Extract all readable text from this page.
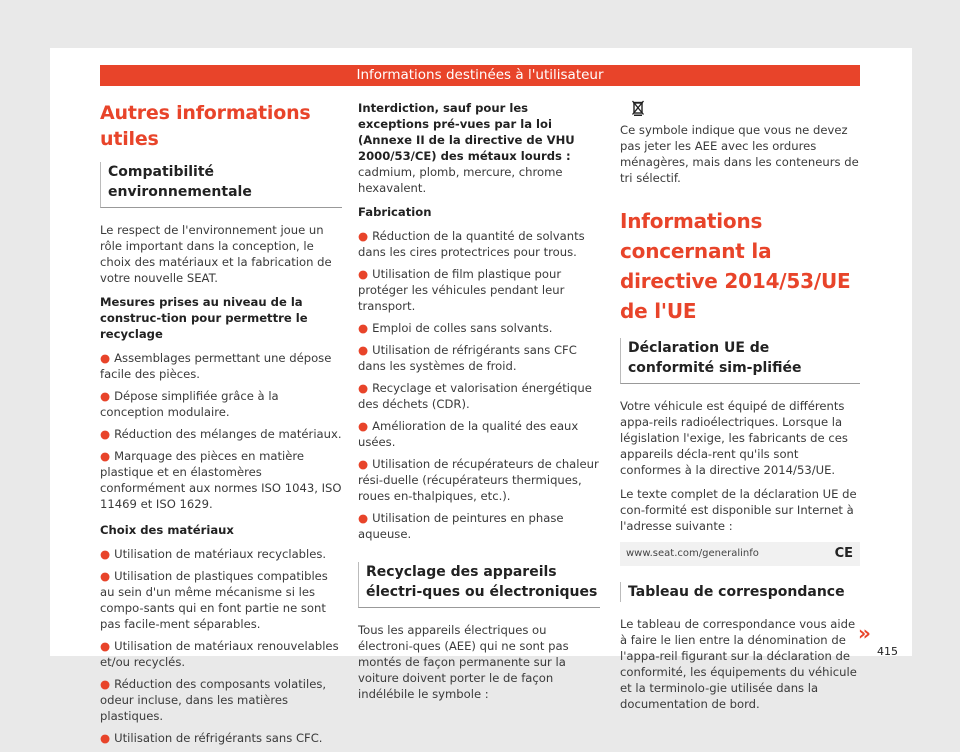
Informations destinées à l'utilisateur
Autres informations utiles
Compatibilité environnementale

Le respect de l'environnement joue un rôle important dans la conception, le choix des matériaux et la fabrication de votre nouvelle SEAT.

Mesures prises au niveau de la construc-tion pour permettre le recyclage

● Assemblages permettant une dépose facile des pièces.
● Dépose simplifiée grâce à la conception modulaire.
● Réduction des mélanges de matériaux.
● Marquage des pièces en matière plastique et en élastomères conformément aux normes ISO 1043, ISO 11469 et ISO 1629.

Choix des matériaux

● Utilisation de matériaux recyclables.
● Utilisation de plastiques compatibles au sein d'un même mécanisme si les compo-sants qui en font partie ne sont pas facile-ment séparables.
● Utilisation de matériaux renouvelables et/ou recyclés.
● Réduction des composants volatiles, odeur incluse, dans les matières plastiques.
● Utilisation de réfrigérants sans CFC.

Interdiction, sauf pour les exceptions pré-vues par la loi (Annexe II de la directive de VHU 2000/53/CE) des métaux lourds : cadmium, plomb, mercure, chrome hexavalent.

Fabrication

● Réduction de la quantité de solvants dans les cires protectrices pour trous.
● Utilisation de film plastique pour protéger les véhicules pendant leur transport.
● Emploi de colles sans solvants.
● Utilisation de réfrigérants sans CFC dans les systèmes de froid.
● Recyclage et valorisation énergétique des déchets (CDR).
● Amélioration de la qualité des eaux usées.
● Utilisation de récupérateurs de chaleur rési-duelle (récupérateurs thermiques, roues en-thalpiques, etc.).
● Utilisation de peintures en phase aqueuse.
Recyclage des appareils électri-ques ou électroniques

Tous les appareils électriques ou électroni-ques (AEE) qui ne sont pas montés de façon permanente sur la voiture doivent porter le de façon indélébile le symbole :

Ce symbole indique que vous ne devez pas jeter les AEE avec les ordures ménagères, mais dans les conteneurs de tri sélectif.

Informations concernant la directive 2014/53/UE de l'UE
Déclaration UE de conformité sim-plifiée

Votre véhicule est équipé de différents appa-reils radioélectriques. Lorsque la législation l'exige, les fabricants de ces appareils décla-rent qu'ils sont conformes à la directive 2014/53/UE.

Le texte complet de la déclaration UE de con-formité est disponible sur Internet à l'adresse suivante :

www.seat.com/generalinfo	CE
Tableau de correspondance

Le tableau de correspondance vous aide à faire le lien entre la dénomination de l'appa-reil figurant sur la déclaration de conformité, les équipements du véhicule et la terminolo-gie utilisée dans la documentation de bord.

»
415
